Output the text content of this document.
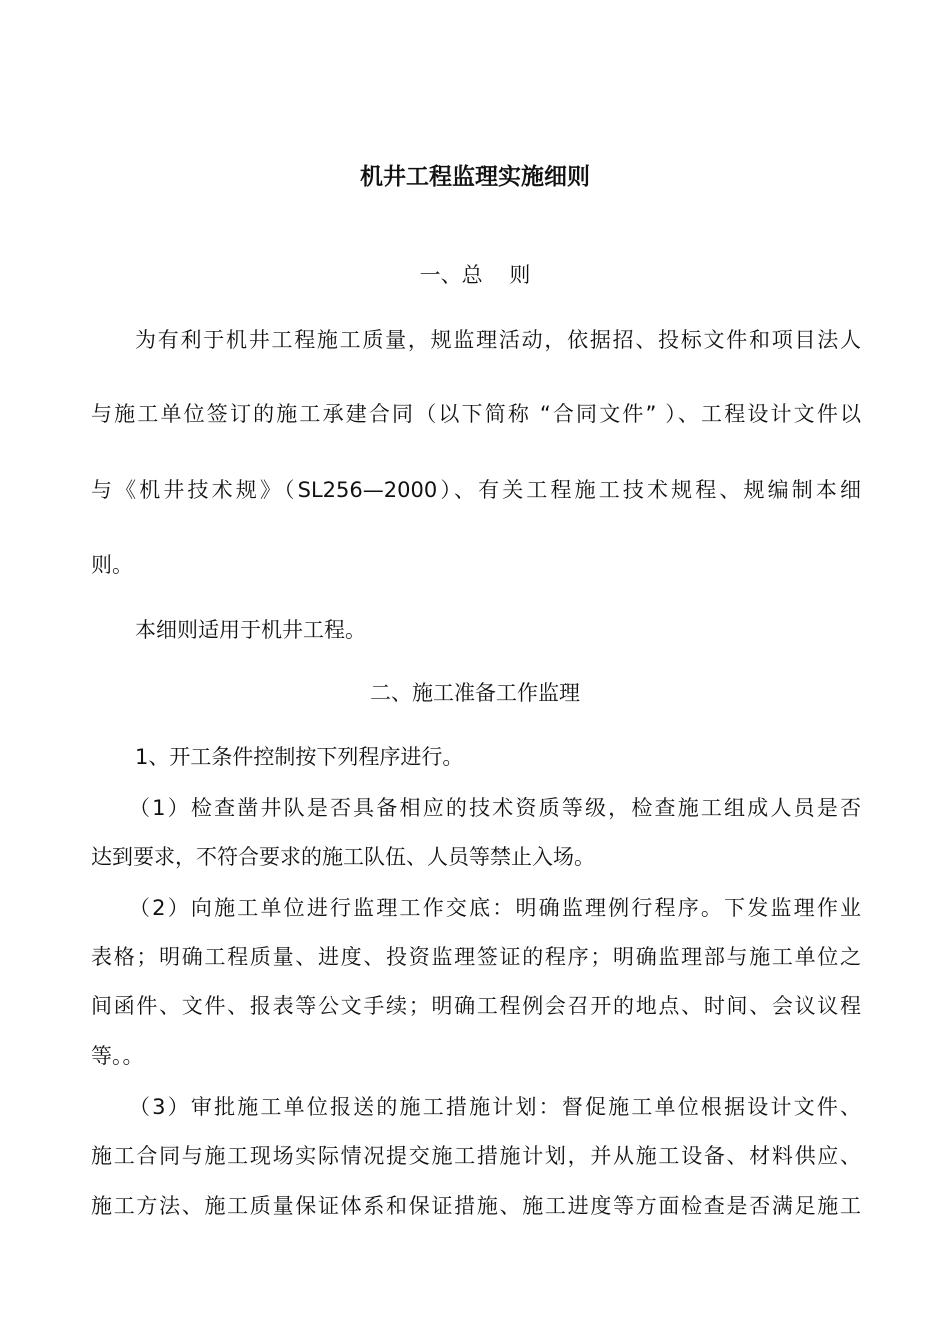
机井工程监理实施细则
一、总    则
为有利于机井工程施工质量，规监理活动，依据招、投标文件和项目法人
与施工单位签订的施工承建合同（以下简称 “合同文件” ）、工程设计文件以
与《机井技术规》（SL256—2000）、有关工程施工技术规程、规编制本细
则。
本细则适用于机井工程。
二、施工准备工作监理
1、开工条件控制按下列程序进行。
（1）检查凿井队是否具备相应的技术资质等级，检查施工组成人员是否
达到要求，不符合要求的施工队伍、人员等禁止入场。
（2）向施工单位进行监理工作交底：明确监理例行程序。下发监理作业
表格；明确工程质量、进度、投资监理签证的程序；明确监理部与施工单位之
间函件、文件、报表等公文手续；明确工程例会召开的地点、时间、会议议程
等。。
（3）审批施工单位报送的施工措施计划：督促施工单位根据设计文件、
施工合同与施工现场实际情况提交施工措施计划，并从施工设备、材料供应、
施工方法、施工质量保证体系和保证措施、施工进度等方面检查是否满足施工
